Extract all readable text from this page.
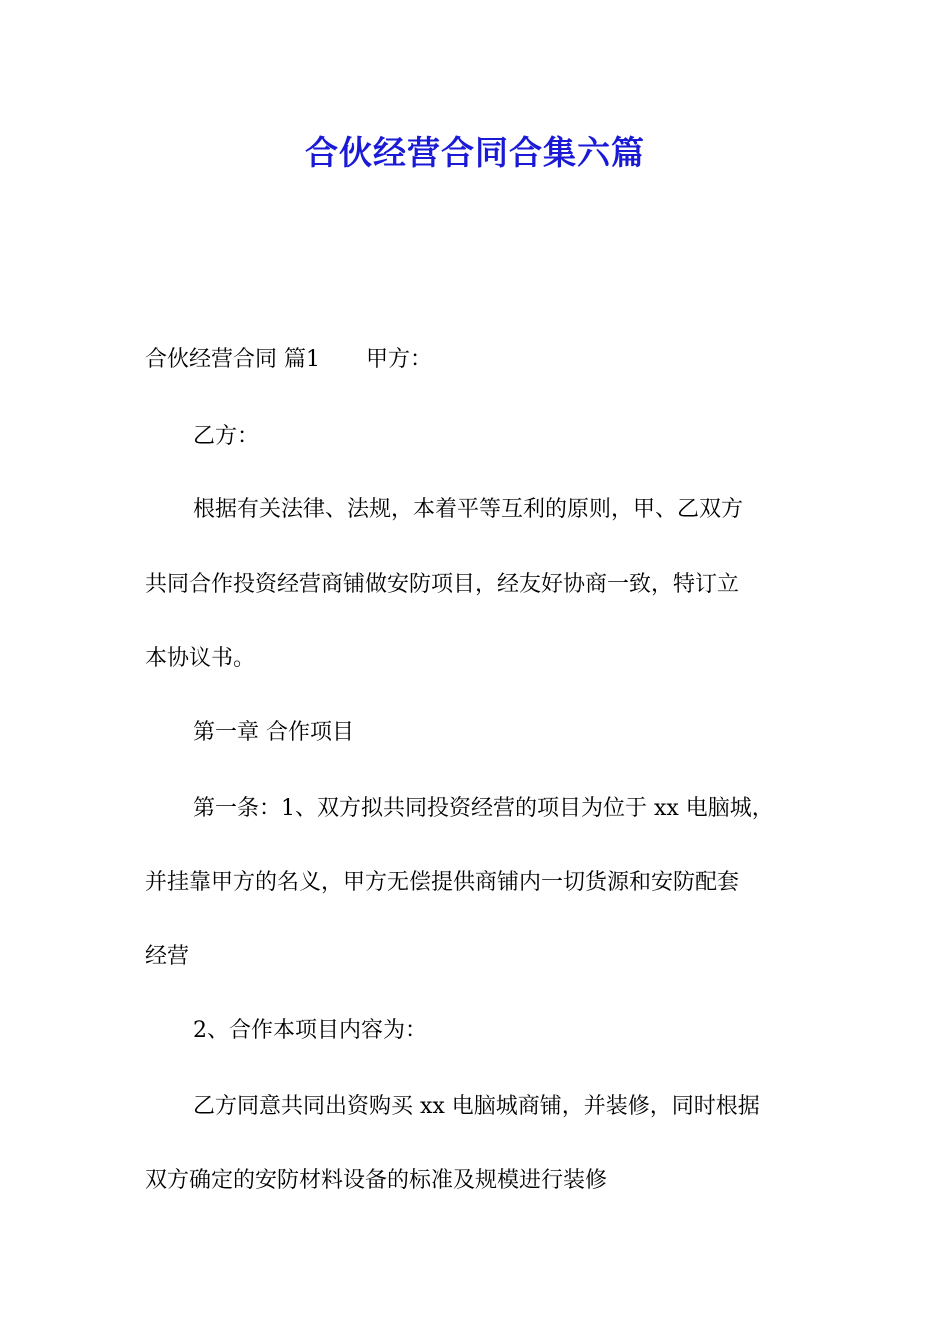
合伙经营合同合集六篇
合伙经营合同 篇1 甲方：
乙方：
根据有关法律、法规，本着平等互利的原则，甲、乙双方
共同合作投资经营商铺做安防项目，经友好协商一致，特订立
本协议书。
第一章 合作项目
第一条：1、双方拟共同投资经营的项目为位于 xx 电脑城，
并挂靠甲方的名义，甲方无偿提供商铺内一切货源和安防配套
经营
2、合作本项目内容为：
乙方同意共同出资购买 xx 电脑城商铺，并装修，同时根据
双方确定的安防材料设备的标准及规模进行装修
